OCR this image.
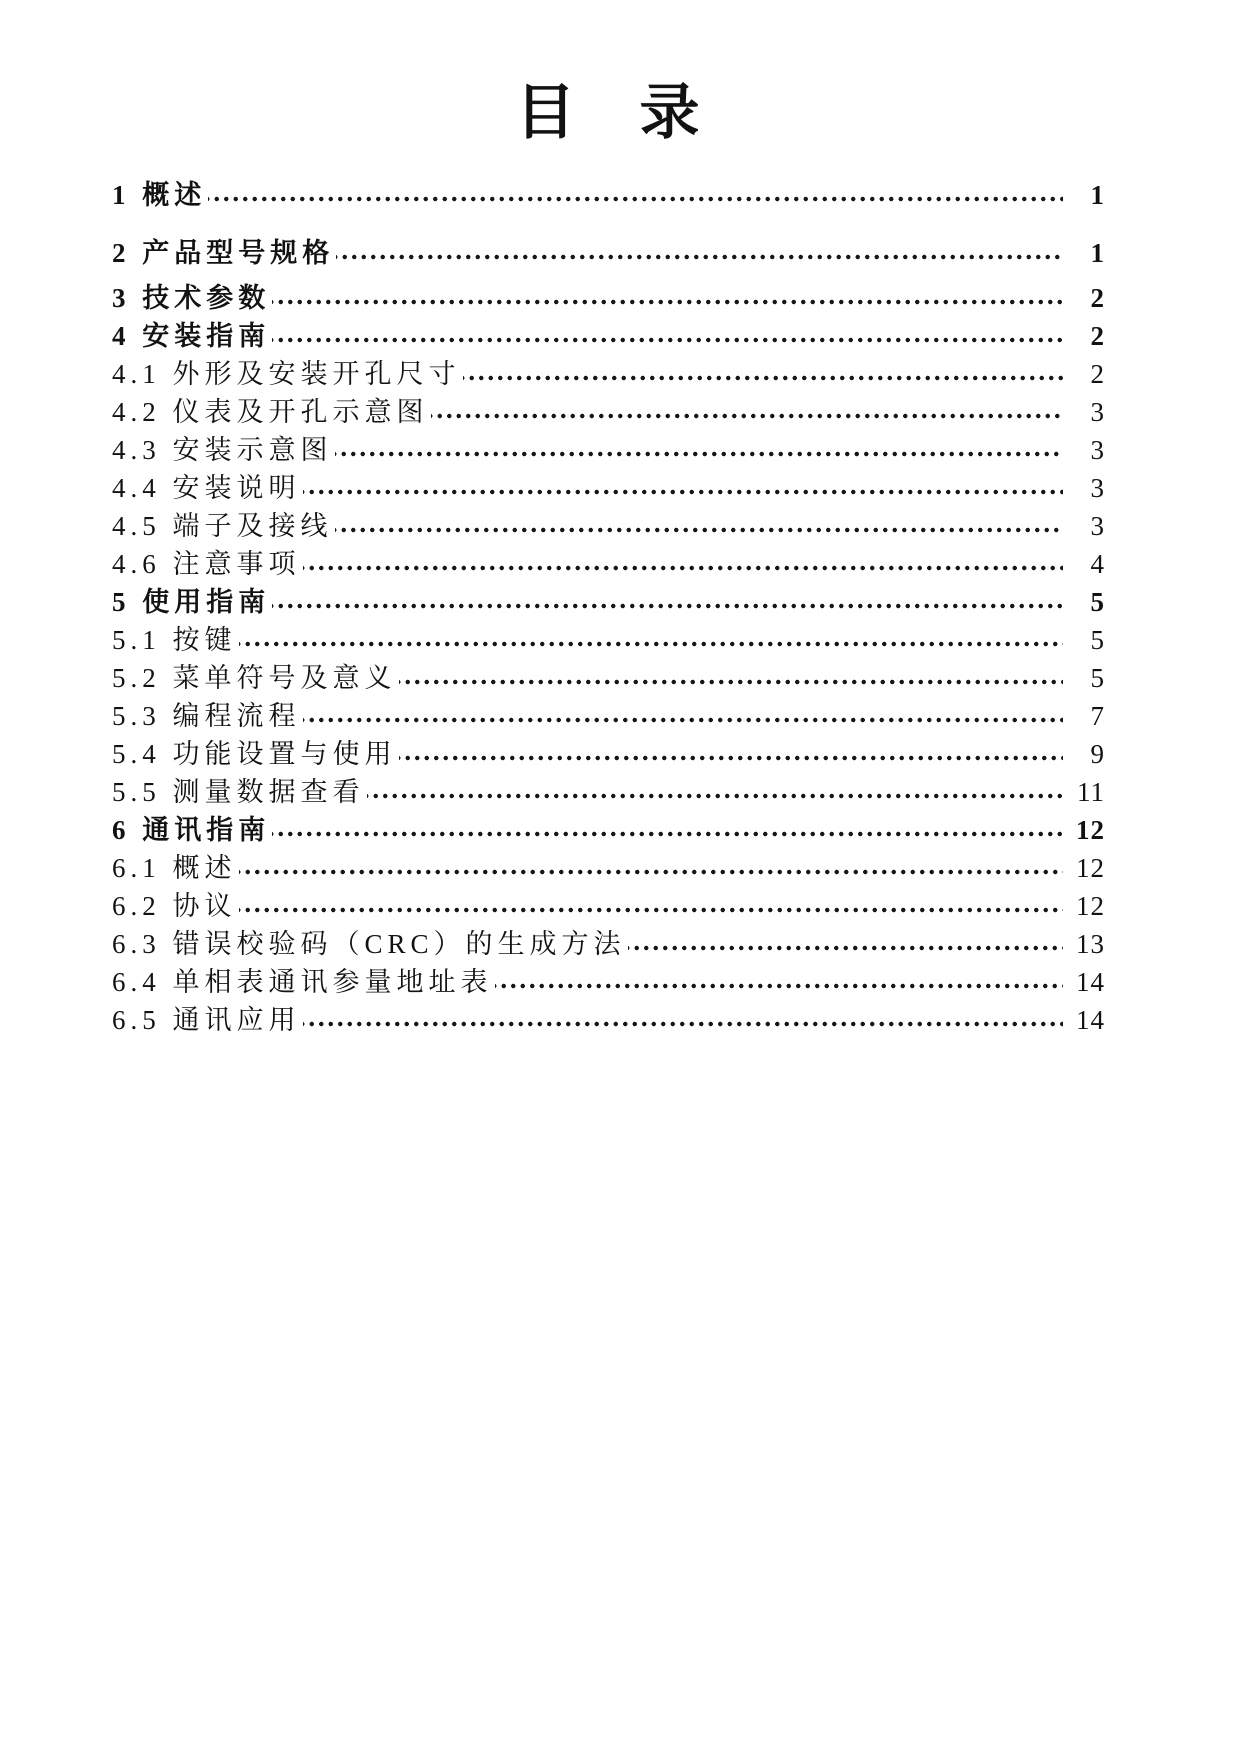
目　录
1 概述	1
2 产品型号规格	1
3 技术参数	2
4 安装指南	2
4.1 外形及安装开孔尺寸	2
4.2 仪表及开孔示意图	3
4.3 安装示意图	3
4.4 安装说明	3
4.5 端子及接线	3
4.6 注意事项	4
5 使用指南	5
5.1 按键	5
5.2 菜单符号及意义	5
5.3 编程流程	7
5.4 功能设置与使用	9
5.5 测量数据查看	11
6 通讯指南	12
6.1 概述	12
6.2 协议	12
6.3 错误校验码（CRC）的生成方法	13
6.4 单相表通讯参量地址表	14
6.5 通讯应用	14
